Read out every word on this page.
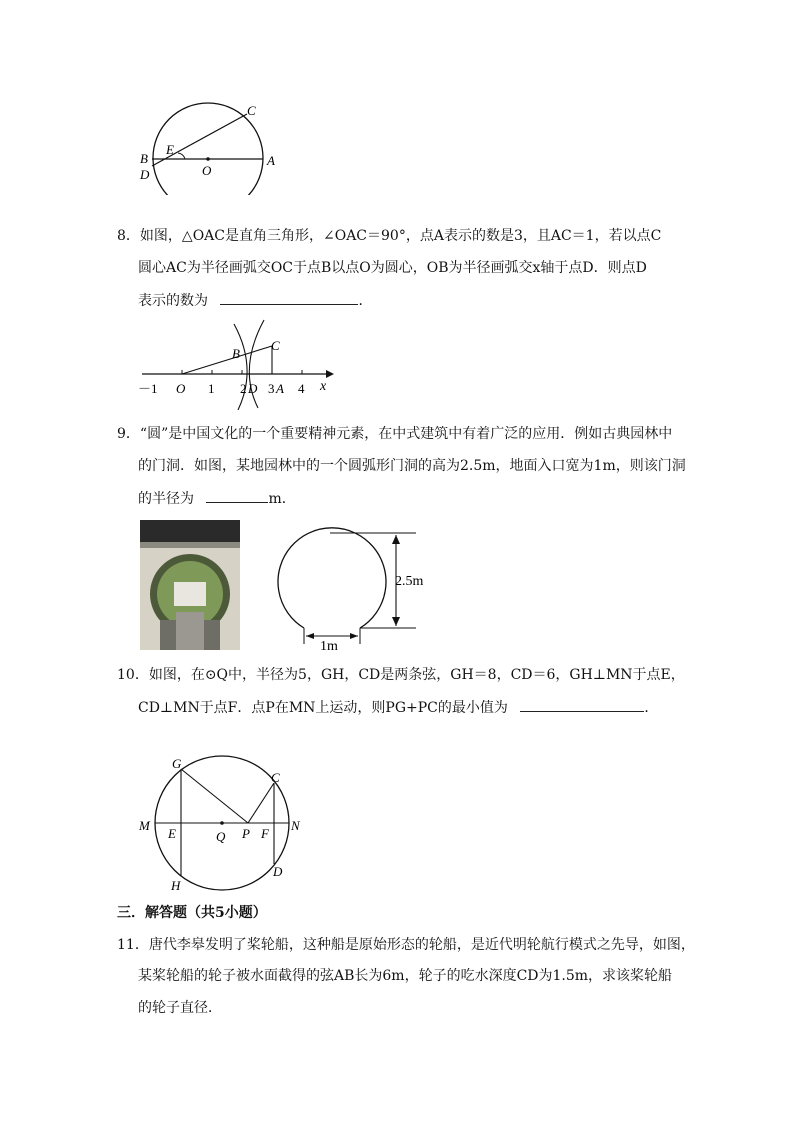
C
E
B
D	O
A
8．如图，△OAC是直角三角形，∠OAC＝90°，点A表示的数是3，且AC＝1，若以点C
圆心AC为半径画弧交OC于点B以点O为圆心，OB为半径画弧交x轴于点D．则点D
表示的数为	．
B
C
－1 O 1 2 D 3 A 4 x
9．“圆”是中国文化的一个重要精神元素，在中式建筑中有着广泛的应用．例如古典园林中
的门洞．如图，某地园林中的一个圆弧形门洞的高为2.5m，地面入口宽为1m，则该门洞
的半径为	m．
2.5m
1m
10．如图，在⊙Q中，半径为5，GH，CD是两条弦，GH＝8，CD＝6，GH⊥MN于点E，
CD⊥MN于点F．点P在MN上运动，则PG+PC的最小值为	．
G
C
M
E	Q P F
N
H
D
三．解答题（共5小题）
11．唐代李皋发明了桨轮船，这种船是原始形态的轮船，是近代明轮航行模式之先导，如图，
某桨轮船的轮子被水面截得的弦AB长为6m，轮子的吃水深度CD为1.5m，求该桨轮船
的轮子直径．
